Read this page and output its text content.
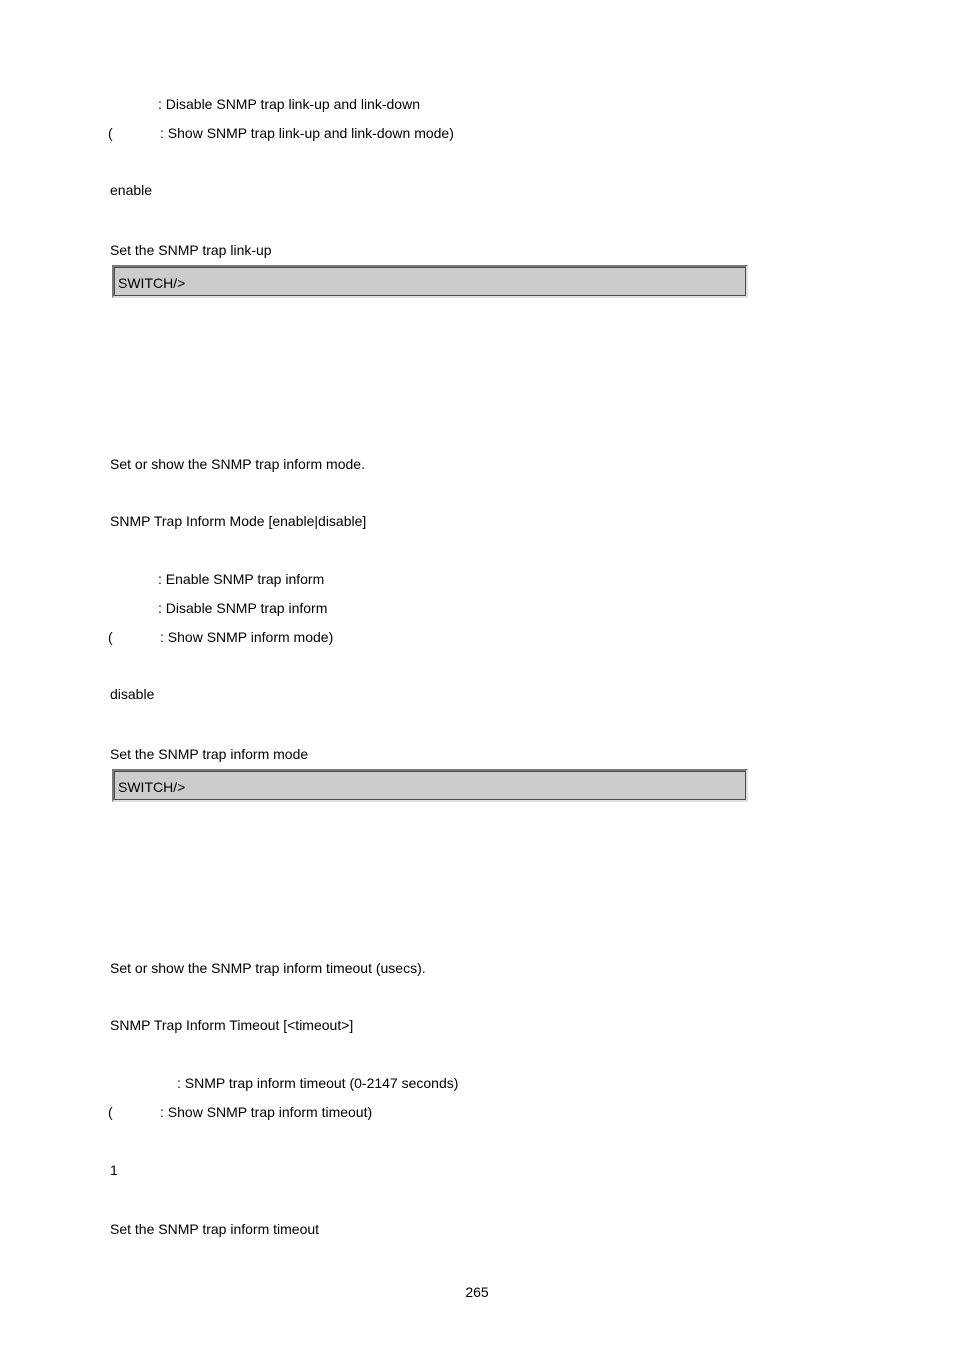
: Disable SNMP trap link-up and link-down
(	: Show SNMP trap link-up and link-down mode)
enable
Set the SNMP trap link-up
SWITCH/>
Set or show the SNMP trap inform mode.
SNMP Trap Inform Mode [enable|disable]
: Enable SNMP trap inform
: Disable SNMP trap inform
(	: Show SNMP inform mode)
disable
Set the SNMP trap inform mode
SWITCH/>
Set or show the SNMP trap inform timeout (usecs).
SNMP Trap Inform Timeout [<timeout>]
: SNMP trap inform timeout (0-2147 seconds)
(	: Show SNMP trap inform timeout)
1
Set the SNMP trap inform timeout
265
